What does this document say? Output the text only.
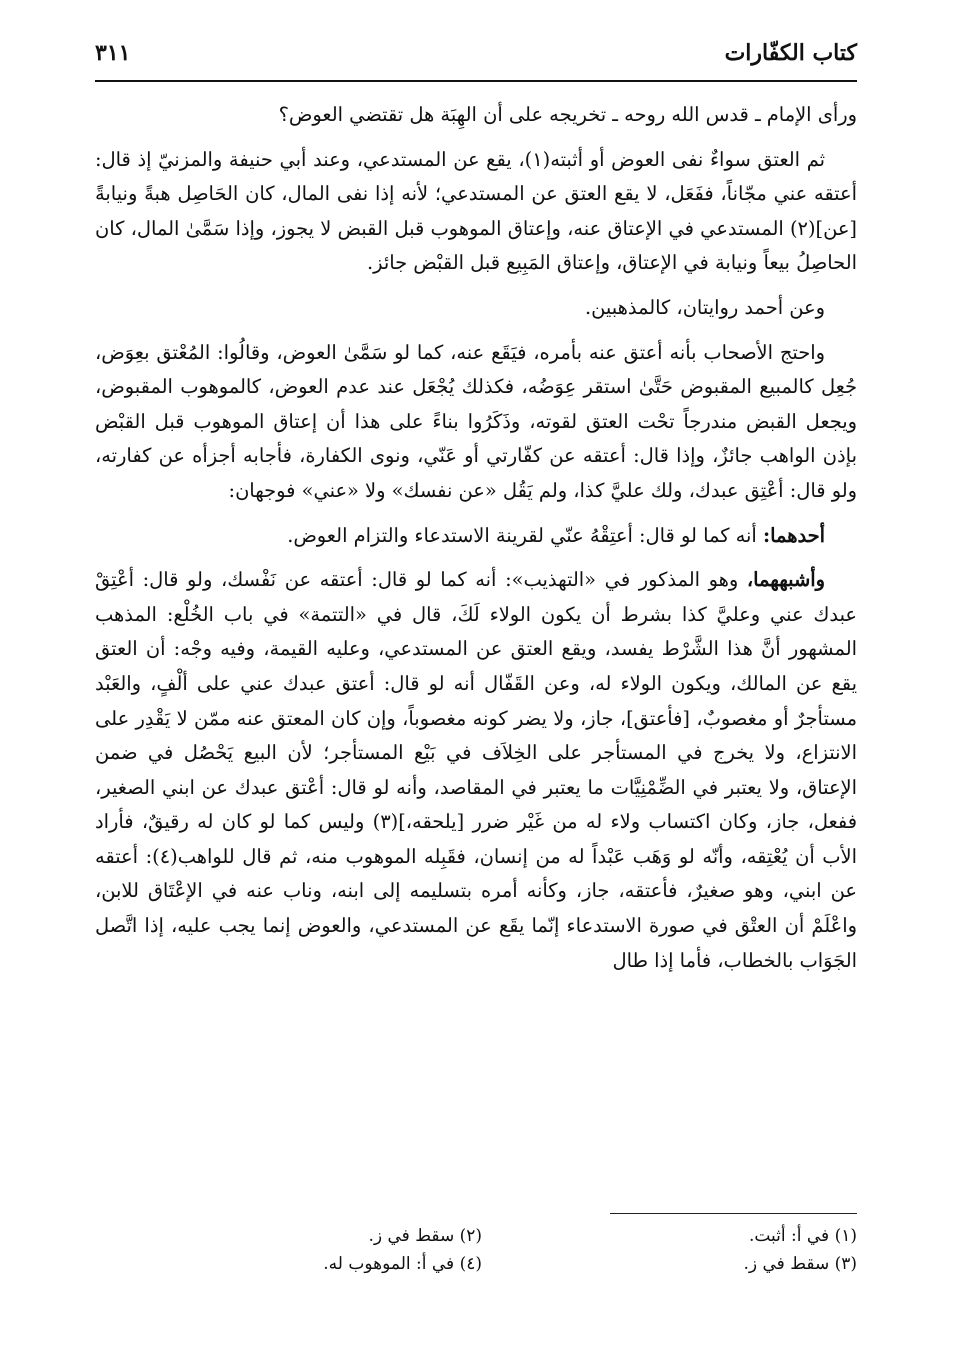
كتاب الكفّارات
٣١١

ورأى الإمام ـ قدس الله روحه ـ تخريجه على أن الهِبَة هل تقتضي العوض؟

ثم العتق سواءٌ نفى العوض أو أثبته(١)، يقع عن المستدعي، وعند أبي حنيفة والمزنيّ إذ قال: أعتقه عني مجّاناً، ففَعَل، لا يقع العتق عن المستدعي؛ لأنه إذا نفى المال، كان الحَاصِل هبةً ونيابةً [عن](٢) المستدعي في الإعتاق عنه، وإعتاق الموهوب قبل القبض لا يجوز، وإذا سَمَّىٰ المال، كان الحاصِلُ بيعاً ونيابة في الإعتاق، وإعتاق المَبِيع قبل القبْض جائز.

وعن أحمد روايتان، كالمذهبين.

واحتج الأصحاب بأنه أعتق عنه بأمره، فيَقَع عنه، كما لو سَمَّىٰ العوض، وقالُوا: المُعْتق بعِوَض، جُعِل كالمبيع المقبوض حَتَّىٰ استقر عِوَضُه، فكذلك يُجْعَل عند عدم العوض، كالموهوب المقبوض، ويجعل القبض مندرجاً تحْت العتق لقوته، وذَكَرُوا بناءً على هذا أن إعتاق الموهوب قبل القبْض بإذن الواهب جائزٌ، وإذا قال: أعتقه عن كفّارتي أو عَنّي، ونوى الكفارة، فأجابه أجزأه عن كفارته، ولو قال: أعْتِق عبدك، ولك عليَّ كذا، ولم يَقُل «عن نفسك» ولا «عني» فوجهان:

أحدهما: أنه كما لو قال: أعتِقْهُ عنّي لقرينة الاستدعاء والتزام العوض.

وأشبههما، وهو المذكور في «التهذيب»: أنه كما لو قال: أعتقه عن نَفْسك، ولو قال: أعْتِقْ عبدك عني وعليَّ كذا بشرط أن يكون الولاء لَكَ، قال في «التتمة» في باب الخُلْع: المذهب المشهور أنَّ هذا الشَّرْط يفسد، ويقع العتق عن المستدعي، وعليه القيمة، وفيه وجْه: أن العتق يقع عن المالك، ويكون الولاء له، وعن القَفّال أنه لو قال: أعتق عبدك عني على ألْفٍ، والعَبْد مستأجرٌ أو مغصوبٌ، [فأعتق]، جاز، ولا يضر كونه مغصوباً، وإن كان المعتق عنه ممّن لا يَقْدِر على الانتزاع، ولا يخرج في المستأجر على الخِلاَف في بَيْع المستأجر؛ لأن البيع يَحْصُل في ضمن الإعتاق، ولا يعتبر في الضِّمْنِيَّات ما يعتبر في المقاصد، وأنه لو قال: أعْتق عبدك عن ابني الصغير، ففعل، جاز، وكان اكتساب ولاء له من غَيْر ضرر [يلحقه،](٣) وليس كما لو كان له رقيقٌ، فأراد الأب أن يُعْتِقه، وأنّه لو وَهَب عَبْداً له من إنسان، فقَبِله الموهوب منه، ثم قال للواهب(٤): أعتقه عن ابني، وهو صغيرٌ، فأعتقه، جاز، وكأنه أمره بتسليمه إلى ابنه، وناب عنه في الإعْتَاق للابن، واعْلَمْ أن العتْق في صورة الاستدعاء إنّما يقَع عن المستدعي، والعوض إنما يجب عليه، إذا اتَّصل الجَوَاب بالخطاب، فأما إذا طال

(١) في أ: أثبت.
(٢) سقط في ز.
(٣) سقط في ز.
(٤) في أ: الموهوب له.
